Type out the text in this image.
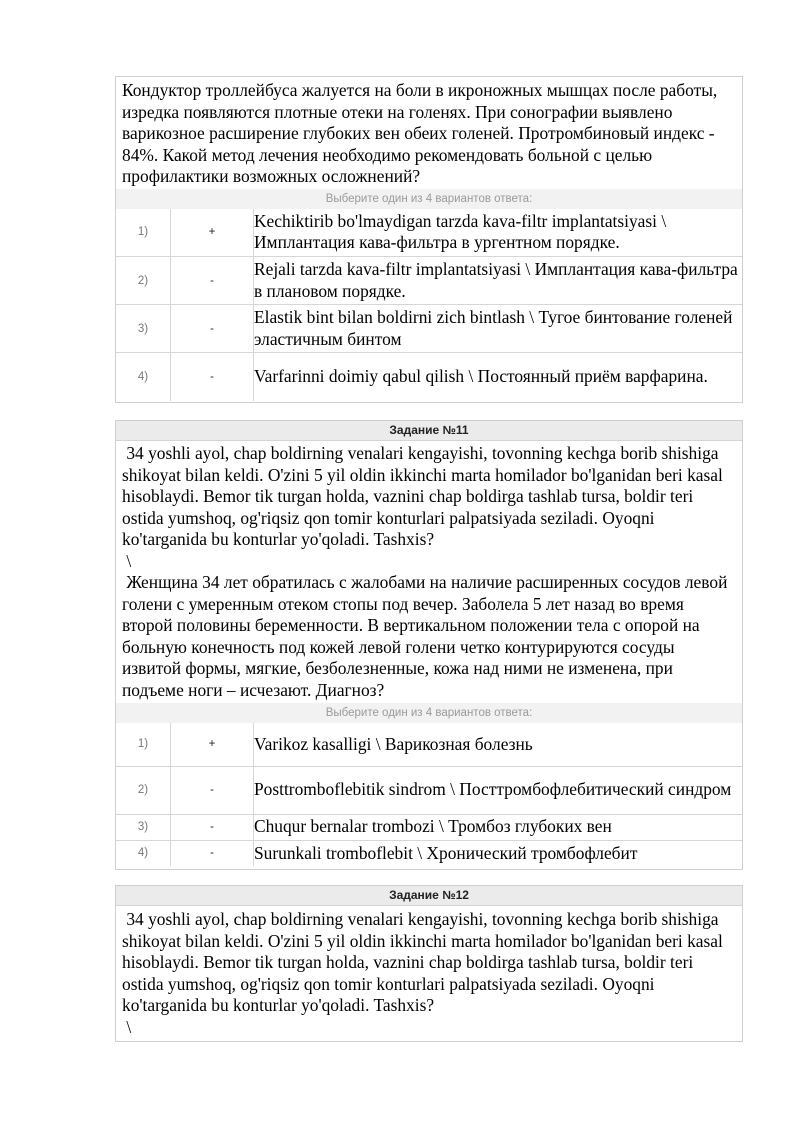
Кондуктор троллейбуса жалуется на боли в икроножных мышцах после работы, изредка появляются плотные отеки на голенях. При сонографии выявлено варикозное расширение глубоких вен обеих голеней. Протромбиновый индекс - 84%. Какой метод лечения необходимо рекомендовать больной с целью профилактики возможных осложнений?
Выберите один из 4 вариантов ответа:
1)	+	Kechiktirib bo'lmaydigan tarzda kava-filtr implantatsiyasi \ Имплантация кава-фильтра в ургентном порядке.
2)	-	Rejali tarzda kava-filtr implantatsiyasi \ Имплантация кава-фильтра в плановом порядке.
3)	-	Elastik bint bilan boldirni zich bintlash \ Тугое бинтование голеней эластичным бинтом
4)	-	Varfarinni doimiy qabul qilish \ Постоянный приём варфарина.
Задание №11
34 yoshli ayol, chap boldirning venalari kengayishi, tovonning kechga borib shishiga shikoyat bilan keldi. O'zini 5 yil oldin ikkinchi marta homilador bo'lganidan beri kasal hisoblaydi. Bemor tik turgan holda, vaznini chap boldirga tashlab tursa, boldir teri ostida yumshoq, og'riqsiz qon tomir konturlari palpatsiyada seziladi. Oyoqni ko'targanida bu konturlar yo'qoladi. Tashxis?
\
Женщина 34 лет обратилась с жалобами на наличие расширенных сосудов левой голени с умеренным отеком стопы под вечер. Заболела 5 лет назад во время второй половины беременности. В вертикальном положении тела с опорой на больную конечность под кожей левой голени четко контурируются сосуды извитой формы, мягкие, безболезненные, кожа над ними не изменена, при подъеме ноги – исчезают. Диагноз?
Выберите один из 4 вариантов ответа:
1)	+	Varikoz kasalligi \ Варикозная болезнь
2)	-	Posttromboflebitik sindrom \ Посттромбофлебитический синдром
3)	-	Chuqur bernalar trombozi \ Тромбоз глубоких вен
4)	-	Surunkali tromboflebit \ Хронический тромбофлебит
Задание №12
34 yoshli ayol, chap boldirning venalari kengayishi, tovonning kechga borib shishiga shikoyat bilan keldi. O'zini 5 yil oldin ikkinchi marta homilador bo'lganidan beri kasal hisoblaydi. Bemor tik turgan holda, vaznini chap boldirga tashlab tursa, boldir teri ostida yumshoq, og'riqsiz qon tomir konturlari palpatsiyada seziladi. Oyoqni ko'targanida bu konturlar yo'qoladi. Tashxis?
\
